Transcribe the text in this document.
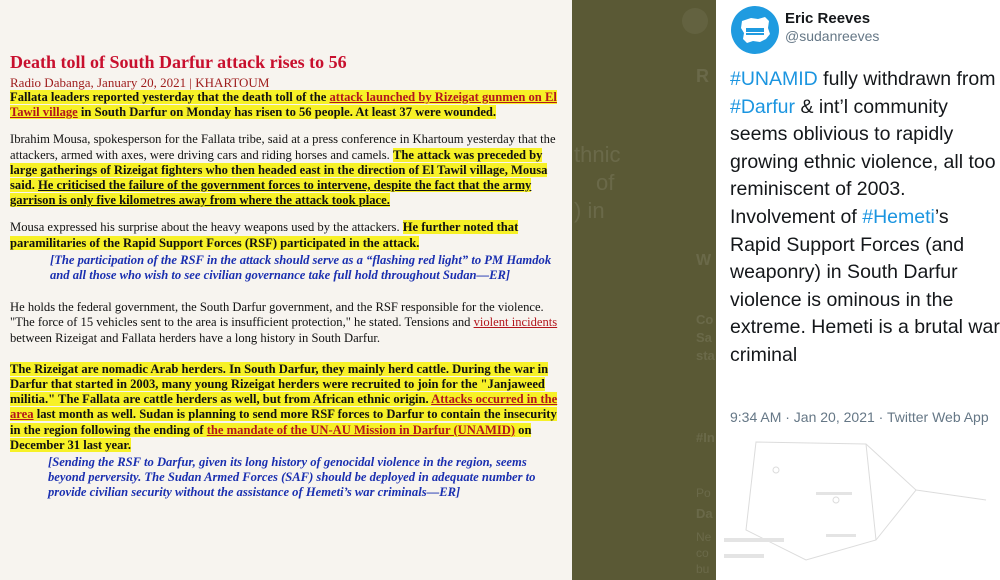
Death toll of South Darfur attack rises to 56
Radio Dabanga, January 20, 2021 | KHARTOUM

Fallata leaders reported yesterday that the death toll of the attack launched by Rizeigat gunmen on El Tawil village in South Darfur on Monday has risen to 56 people. At least 37 were wounded.

Ibrahim Mousa, spokesperson for the Fallata tribe, said at a press conference in Khartoum yesterday that the attackers, armed with axes, were driving cars and riding horses and camels. The attack was preceded by large gatherings of Rizeigat fighters who then headed east in the direction of El Tawil village, Mousa said. He criticised the failure of the government forces to intervene, despite the fact that the army garrison is only five kilometres away from where the attack took place.

Mousa expressed his surprise about the heavy weapons used by the attackers. He further noted that paramilitaries of the Rapid Support Forces (RSF) participated in the attack.

[The participation of the RSF in the attack should serve as a “flashing red light” to PM Hamdok and all those who wish to see civilian governance take full hold throughout Sudan—ER]

He holds the federal government, the South Darfur government, and the RSF responsible for the violence. "The force of 15 vehicles sent to the area is insufficient protection," he stated. Tensions and violent incidents between Rizeigat and Fallata herders have a long history in South Darfur.

The Rizeigat are nomadic Arab herders. In South Darfur, they mainly herd cattle. During the war in Darfur that started in 2003, many young Rizeigat herders were recruited to join for the "Janjaweed militia." The Fallata are cattle herders as well, but from African ethnic origin. Attacks occurred in the area last month as well. Sudan is planning to send more RSF forces to Darfur to contain the insecurity in the region following the ending of the mandate of the UN-AU Mission in Darfur (UNAMID) on December 31 last year.

[Sending the RSF to Darfur, given its long history of genocidal violence in the region, seems beyond perversity. The Sudan Armed Forces (SAF) should be deployed in adequate number to provide civilian security without the assistance of Hemeti’s war criminals—ER]
thnic
of
) in
R
W
Co
Sa
sta
#In
Po
Da
Ne
co
bu
Eric Reeves
@sudanreeves
#UNAMID fully withdrawn from #Darfur & int’l community seems oblivious to rapidly growing ethnic violence, all too reminiscent of 2003. Involvement of #Hemeti’s Rapid Support Forces (and weaponry) in South Darfur violence is ominous in the extreme. Hemeti is a brutal war criminal
9:34 AM · Jan 20, 2021 · Twitter Web App
